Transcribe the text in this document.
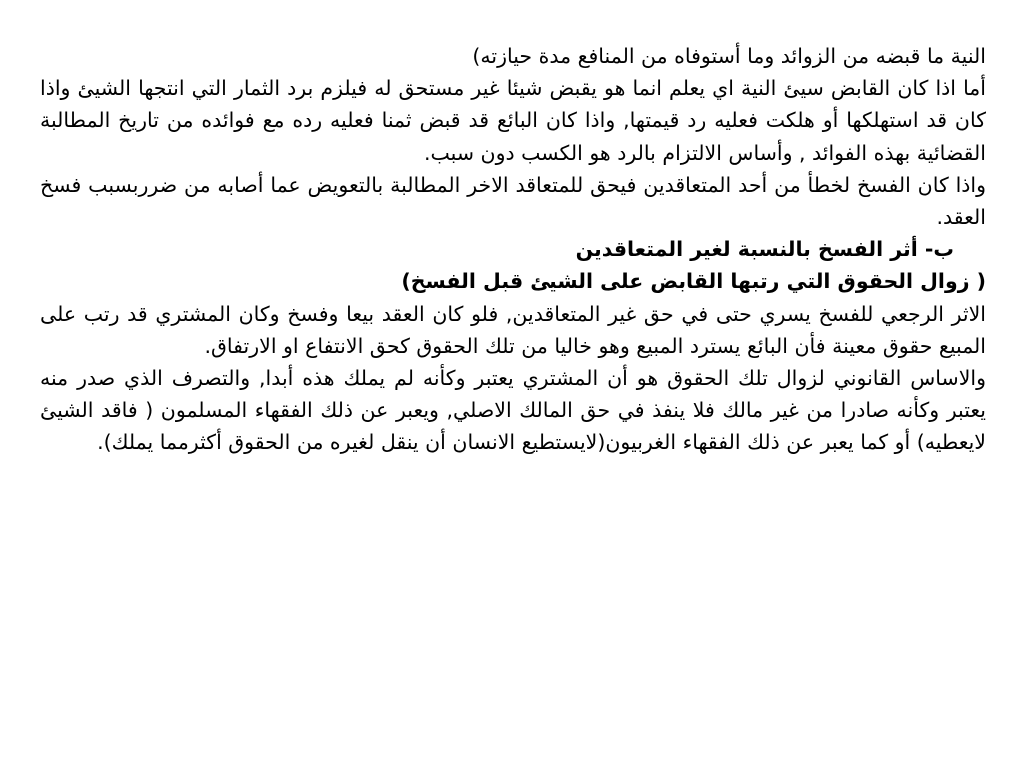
النية ما قبضه من الزوائد وما أستوفاه من المنافع مدة حيازته)

أما اذا كان القابض سيئ النية اي يعلم انما هو يقبض شيئا غير مستحق له فيلزم برد الثمار التي انتجها الشيئ واذا كان قد استهلكها أو هلكت فعليه رد قيمتها, واذا كان البائع قد قبض ثمنا فعليه رده مع فوائده من تاريخ المطالبة القضائية بهذه الفوائد , وأساس الالتزام بالرد هو الكسب دون سبب.

واذا كان الفسخ لخطأ من أحد المتعاقدين فيحق للمتعاقد الاخر المطالبة بالتعويض عما أصابه من ضرربسبب فسخ العقد.

ب- أثر الفسخ بالنسبة لغير المتعاقدين

( زوال الحقوق التي رتبها القابض على الشيئ قبل الفسخ)

الاثر الرجعي للفسخ يسري حتى في حق غير المتعاقدين, فلو كان العقد بيعا وفسخ وكان المشتري قد رتب على المبيع حقوق معينة فأن البائع يسترد المبيع وهو خاليا من تلك الحقوق كحق الانتفاع او الارتفاق.

والاساس القانوني لزوال تلك الحقوق هو أن المشتري يعتبر وكأنه لم يملك هذه أبدا, والتصرف الذي صدر منه يعتبر وكأنه صادرا من غير مالك فلا ينفذ في حق المالك الاصلي, ويعبر عن ذلك الفقهاء المسلمون ( فاقد الشيئ لايعطيه) أو كما يعبر عن ذلك الفقهاء الغربيون(لايستطيع الانسان أن ينقل لغيره من الحقوق أكثرمما يملك).
